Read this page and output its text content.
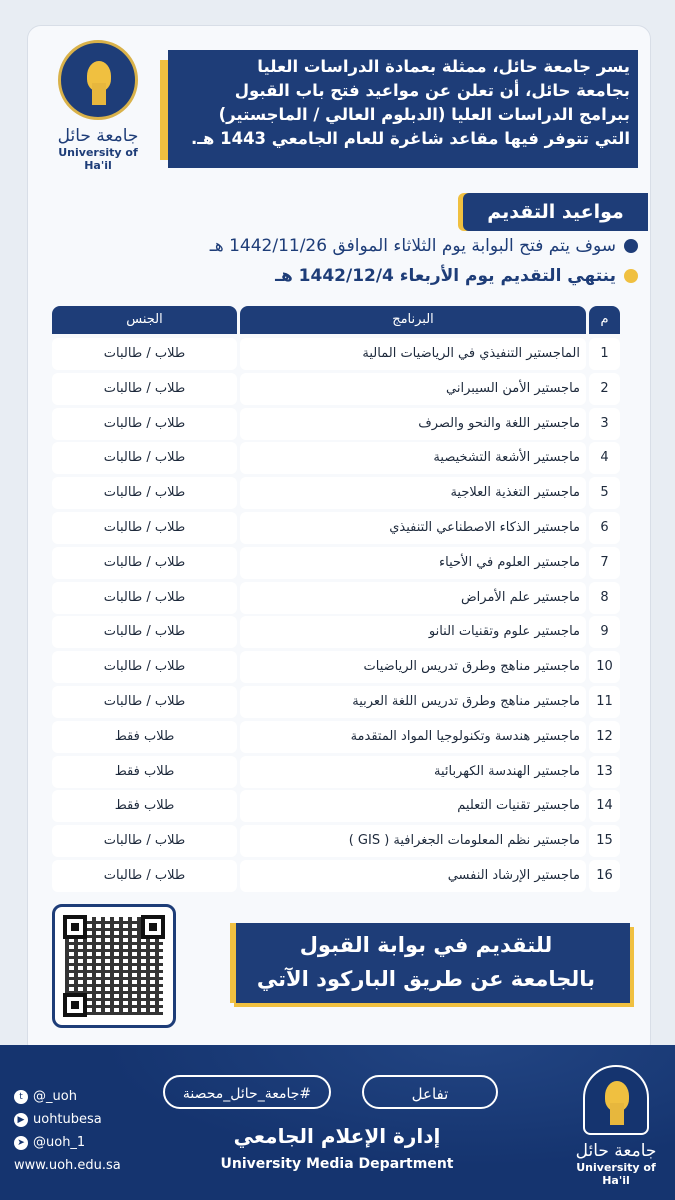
جامعة حائل
University of Ha'il
يسر جامعة حائل، ممثلة بعمادة الدراسات العليا
بجامعة حائل، أن تعلن عن مواعيد فتح باب القبول
ببرامج الدراسات العليا (الدبلوم العالي / الماجستير)
التي تتوفر فيها مقاعد شاغرة للعام الجامعي 1443 هـ.
مواعيد التقديم
سوف يتم فتح البوابة يوم الثلاثاء الموافق 1442/11/26 هـ
ينتهي التقديم يوم الأربعاء 1442/12/4 هـ
م
البرنامج
الجنس
1
الماجستير التنفيذي في الرياضيات المالية
طلاب / طالبات
2
ماجستير الأمن السيبراني
طلاب / طالبات
3
ماجستير اللغة والنحو والصرف
طلاب / طالبات
4
ماجستير الأشعة التشخيصية
طلاب / طالبات
5
ماجستير التغذية العلاجية
طلاب / طالبات
6
ماجستير الذكاء الاصطناعي التنفيذي
طلاب / طالبات
7
ماجستير العلوم في الأحياء
طلاب / طالبات
8
ماجستير علم الأمراض
طلاب / طالبات
9
ماجستير علوم وتقنيات النانو
طلاب / طالبات
10
ماجستير مناهج وطرق تدريس الرياضيات
طلاب / طالبات
11
ماجستير مناهج وطرق تدريس اللغة العربية
طلاب / طالبات
12
ماجستير هندسة وتكنولوجيا المواد المتقدمة
طلاب فقط
13
ماجستير الهندسة الكهربائية
طلاب فقط
14
ماجستير تقنيات التعليم
طلاب فقط
15
ماجستير نظم المعلومات الجغرافية ( GIS )
طلاب / طالبات
16
ماجستير الإرشاد النفسي
طلاب / طالبات
للتقديم في بوابة القبول
بالجامعة عن طريق الباركود الآتي
t @_uoh
▶ uohtubesa
➤ @uoh_1
www.uoh.edu.sa
#جامعة_حائل_محصنة	تفاعل
إدارة الإعلام الجامعي
University Media Department
جامعة حائل
University of Ha'il
